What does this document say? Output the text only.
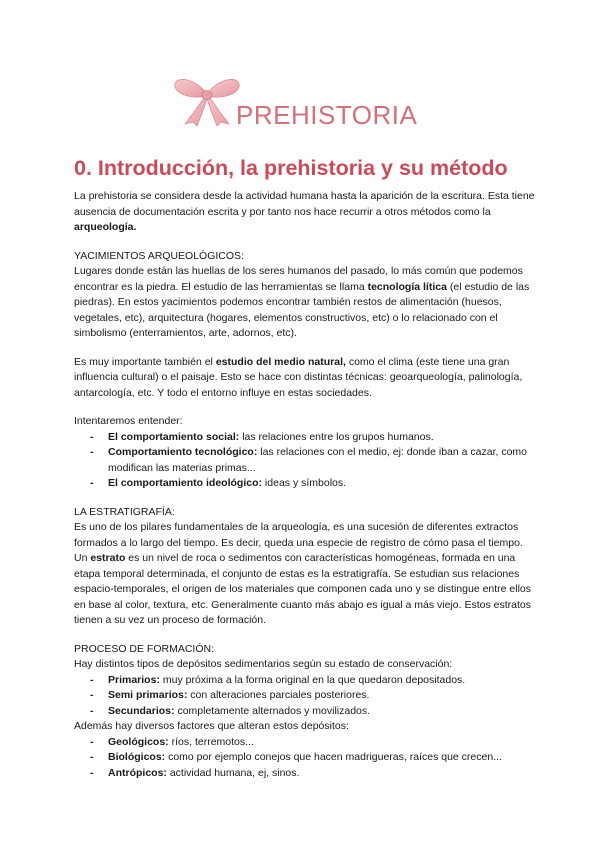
PREHISTORIA
0. Introducción, la prehistoria y su método

La prehistoria se considera desde la actividad humana hasta la aparición de la escritura. Esta tiene ausencia de documentación escrita y por tanto nos hace recurrir a otros métodos como la arqueología.

YACIMIENTOS ARQUEOLÓGICOS:

Lugares donde están las huellas de los seres humanos del pasado, lo más común que podemos encontrar es la piedra. El estudio de las herramientas se llama tecnología lítica (el estudio de las piedras). En estos yacimientos podemos encontrar también restos de alimentación (huesos, vegetales, etc), arquitectura (hogares, elementos constructivos, etc) o lo relacionado con el simbolismo (enterramientos, arte, adornos, etc).

Es muy importante también el estudio del medio natural, como el clima (este tiene una gran influencia cultural) o el paisaje. Esto se hace con distintas técnicas: geoarqueología, palinología, antarcología, etc. Y todo el entorno influye en estas sociedades.

Intentaremos entender:

- El comportamiento social: las relaciones entre los grupos humanos.
- Comportamiento tecnológico: las relaciones con el medio, ej: donde iban a cazar, como modifican las materias primas...
- El comportamiento ideológico: ideas y símbolos.

LA ESTRATIGRAFÍA:

Es uno de los pilares fundamentales de la arqueología, es una sucesión de diferentes extractos formados a lo largo del tiempo. Es decir, queda una especie de registro de cómo pasa el tiempo.

Un estrato es un nivel de roca o sedimentos con características homogéneas, formada en una etapa temporal determinada, el conjunto de estas es la estratigrafía. Se estudian sus relaciones espacio-temporales, el origen de los materiales que componen cada uno y se distingue entre ellos en base al color, textura, etc. Generalmente cuanto más abajo es igual a más viejo. Estos estratos tienen a su vez un proceso de formación.

PROCESO DE FORMACIÓN:

Hay distintos tipos de depósitos sedimentarios según su estado de conservación:

- Primarios: muy próxima a la forma original en la que quedaron depositados.
- Semi primarios: con alteraciones parciales posteriores.
- Secundarios: completamente alternados y movilizados.

Además hay diversos factores que alteran estos depósitos:

- Geológicos: ríos, terremotos...
- Biológicos: como por ejemplo conejos que hacen madrigueras, raíces que crecen...
- Antrópicos: actividad humana, ej, sinos.
